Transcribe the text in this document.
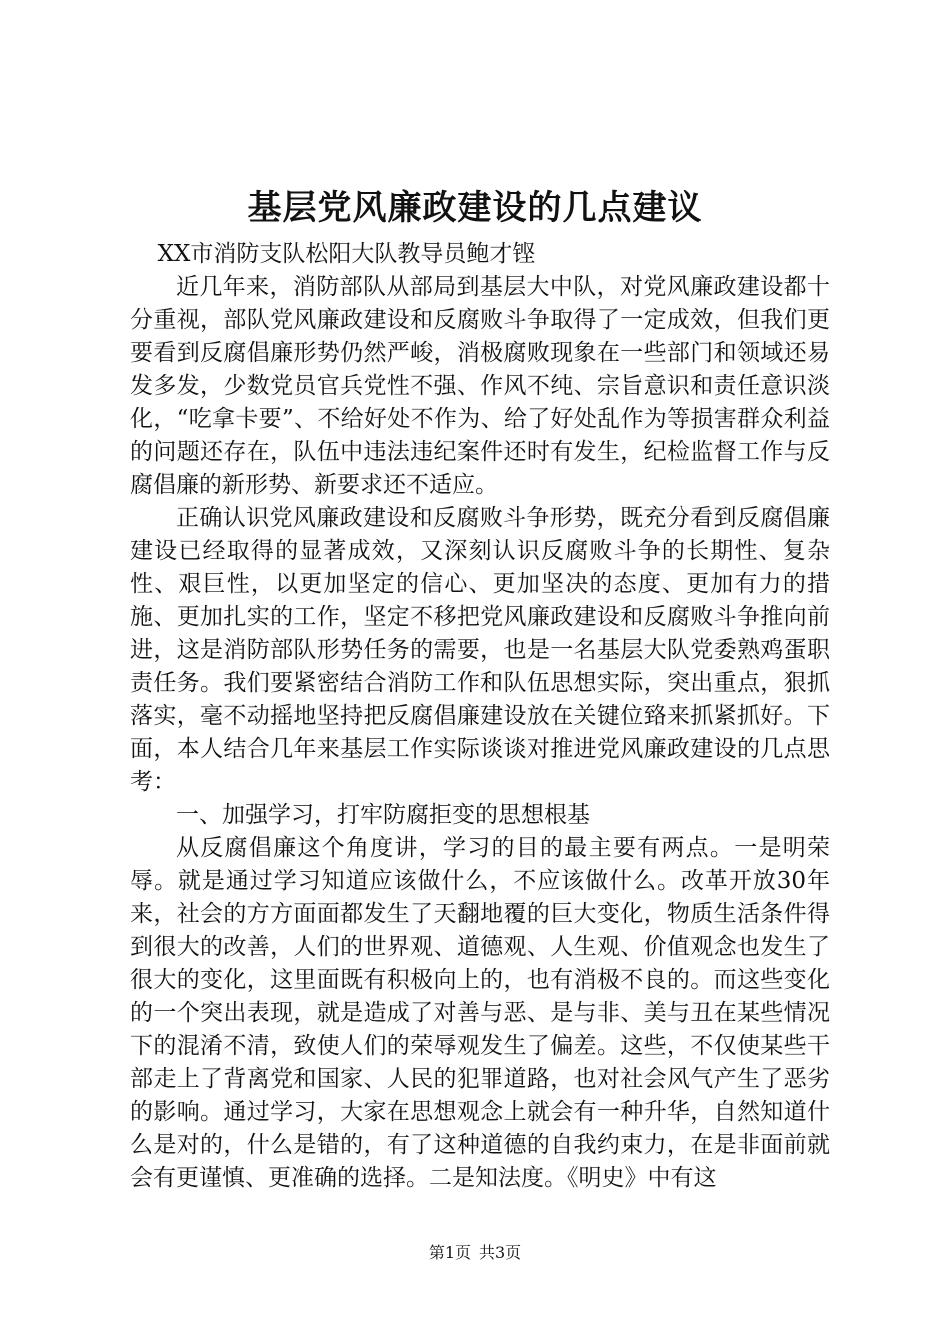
基层党风廉政建设的几点建议

XX市消防支队松阳大队教导员鲍才铿

近几年来，消防部队从部局到基层大中队，对党风廉政建设都十分重视，部队党风廉政建设和反腐败斗争取得了一定成效，但我们更要看到反腐倡廉形势仍然严峻，消极腐败现象在一些部门和领域还易发多发，少数党员官兵党性不强、作风不纯、宗旨意识和责任意识淡化，“吃拿卡要”、不给好处不作为、给了好处乱作为等损害群众利益的问题还存在，队伍中违法违纪案件还时有发生，纪检监督工作与反腐倡廉的新形势、新要求还不适应。

正确认识党风廉政建设和反腐败斗争形势，既充分看到反腐倡廉建设已经取得的显著成效，又深刻认识反腐败斗争的长期性、复杂性、艰巨性，以更加坚定的信心、更加坚决的态度、更加有力的措施、更加扎实的工作，坚定不移把党风廉政建设和反腐败斗争推向前进，这是消防部队形势任务的需要，也是一名基层大队党委熟鸡蛋职责任务。我们要紧密结合消防工作和队伍思想实际，突出重点，狠抓落实，毫不动摇地坚持把反腐倡廉建设放在关键位臵来抓紧抓好。下面，本人结合几年来基层工作实际谈谈对推进党风廉政建设的几点思考：

一、加强学习，打牢防腐拒变的思想根基

从反腐倡廉这个角度讲，学习的目的最主要有两点。一是明荣辱。就是通过学习知道应该做什么，不应该做什么。改革开放30年来，社会的方方面面都发生了天翻地覆的巨大变化，物质生活条件得到很大的改善，人们的世界观、道德观、人生观、价值观念也发生了很大的变化，这里面既有积极向上的，也有消极不良的。而这些变化的一个突出表现，就是造成了对善与恶、是与非、美与丑在某些情况下的混淆不清，致使人们的荣辱观发生了偏差。这些，不仅使某些干部走上了背离党和国家、人民的犯罪道路，也对社会风气产生了恶劣的影响。通过学习，大家在思想观念上就会有一种升华，自然知道什么是对的，什么是错的，有了这种道德的自我约束力，在是非面前就会有更谨慎、更准确的选择。二是知法度。《明史》中有这

第1页 共3页
